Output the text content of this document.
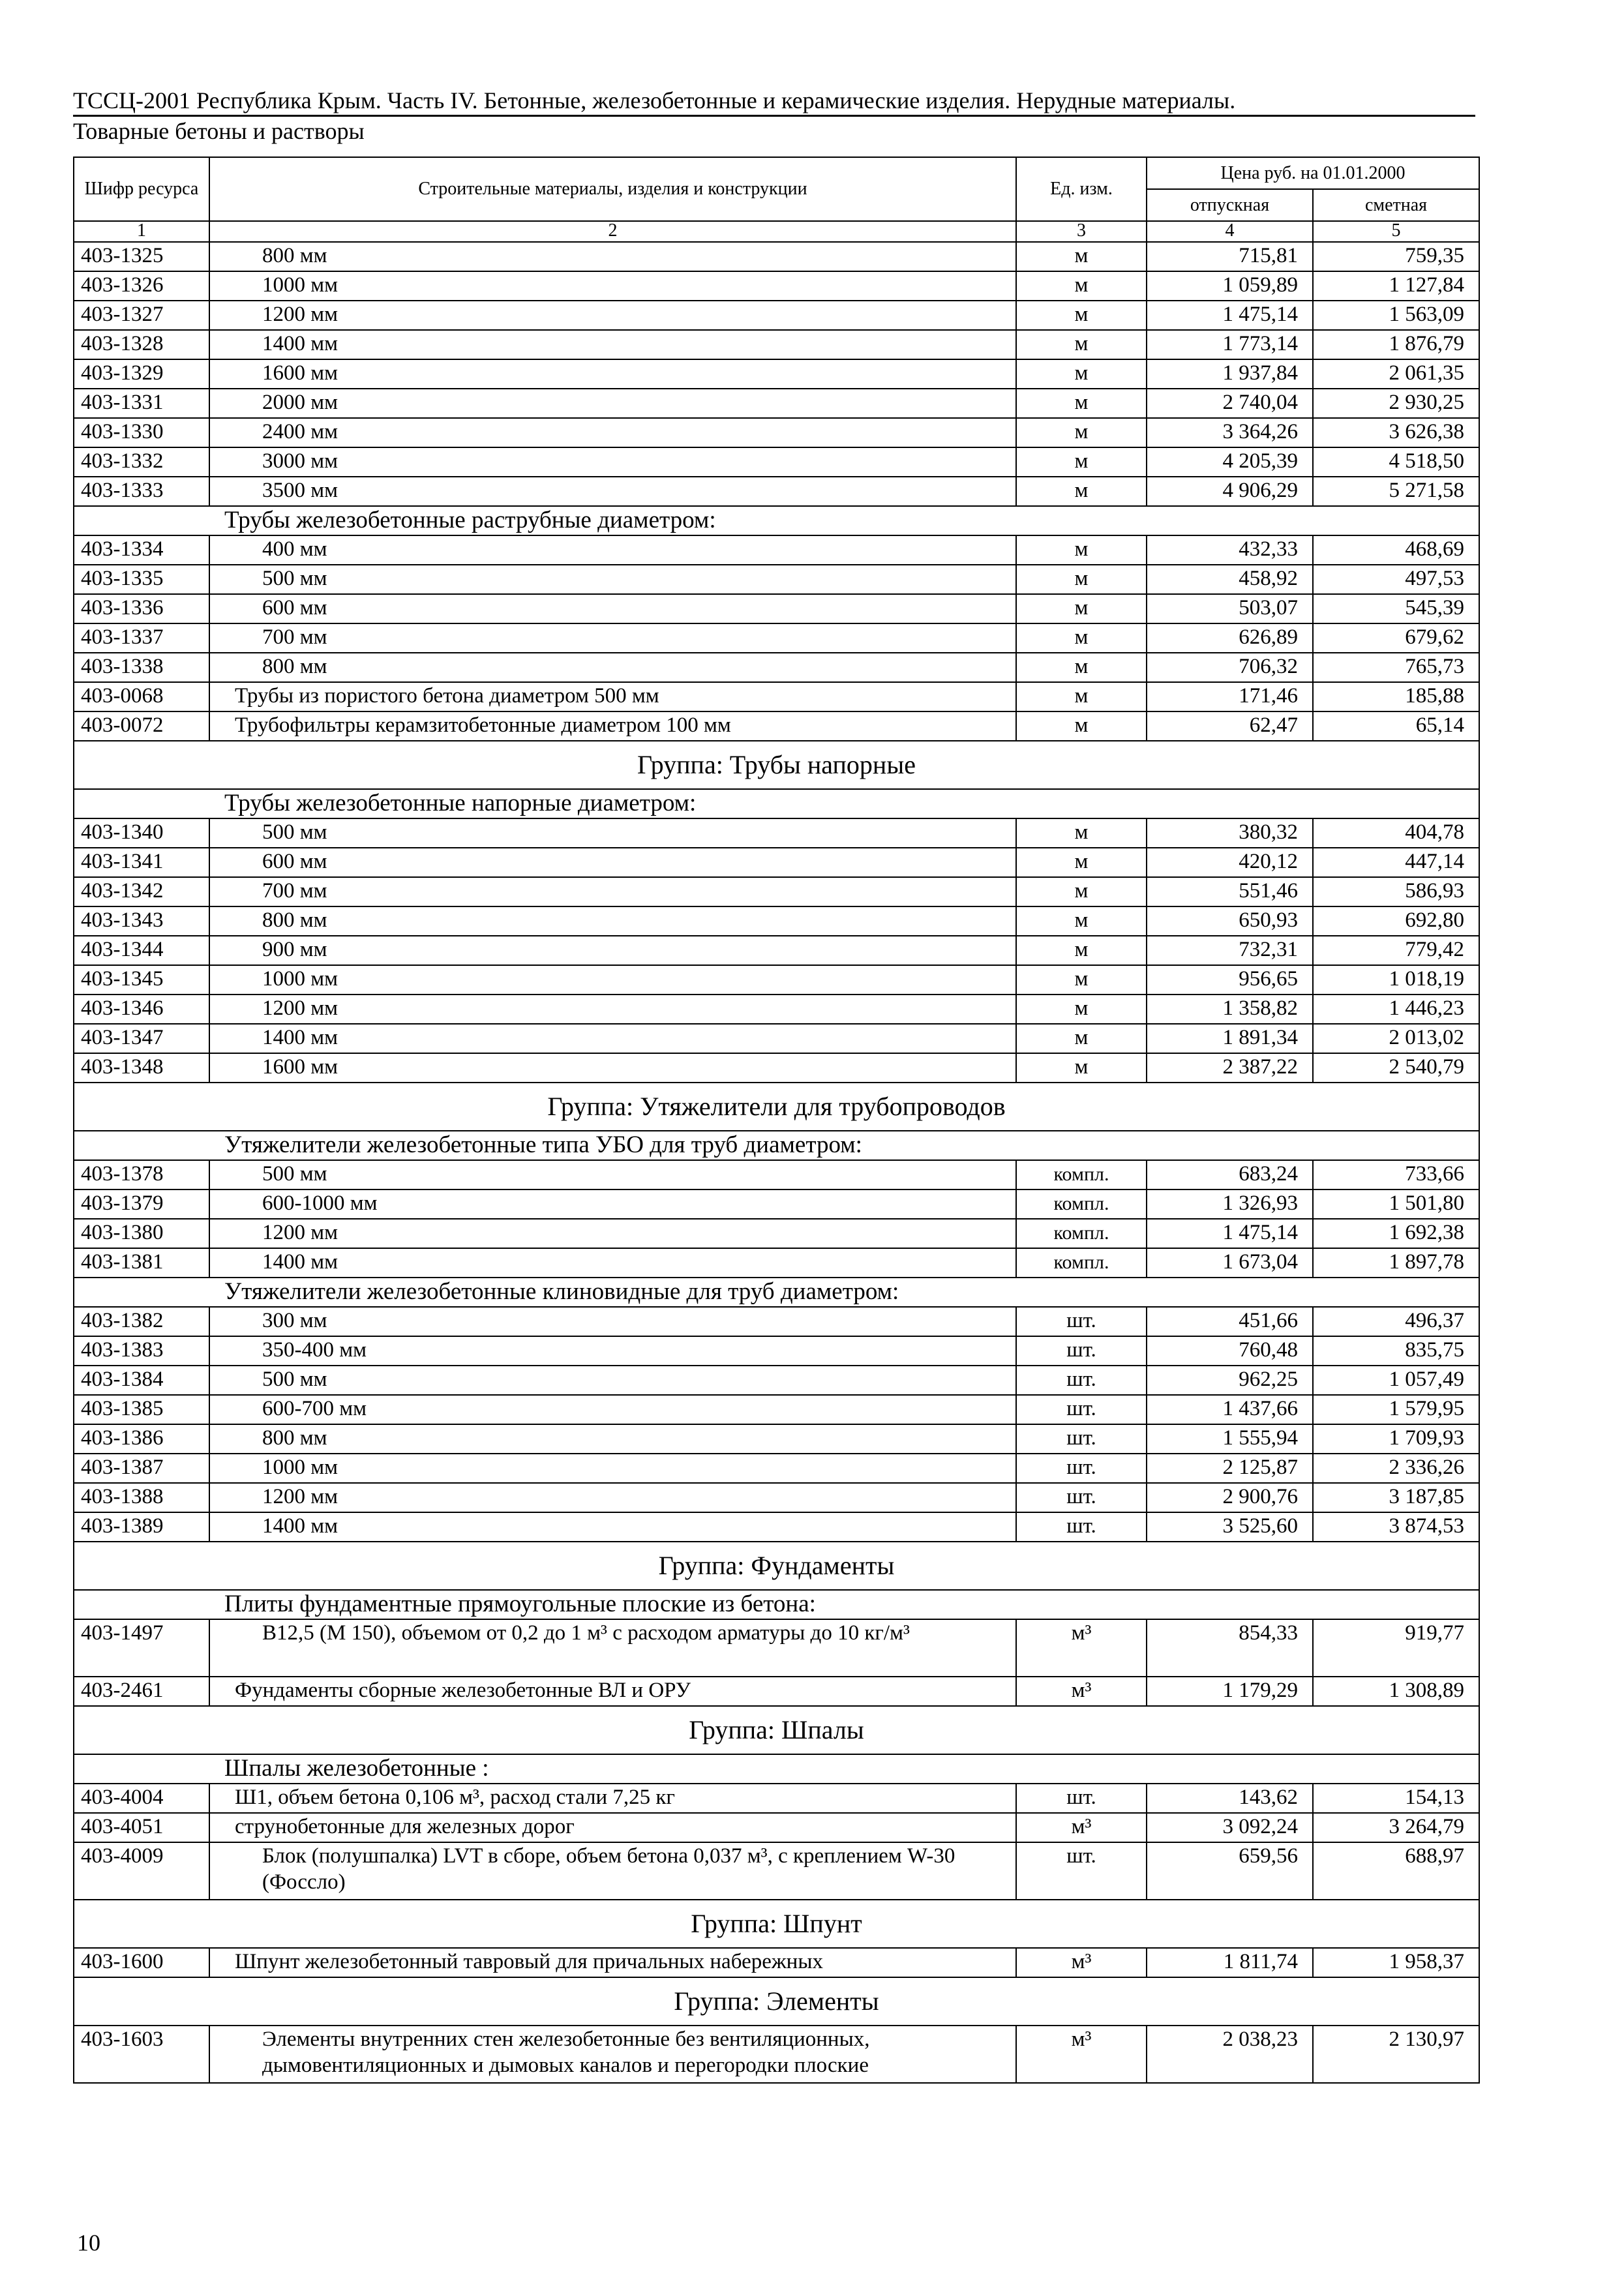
ТССЦ-2001 Республика Крым. Часть IV. Бетонные, железобетонные и керамические изделия. Нерудные материалы.
Товарные бетоны и растворы
Шифр ресурса	Строительные материалы, изделия и конструкции	Ед. изм.	Цена руб. на 01.01.2000	
			отпускная	сметная
1	2	3	4	5
403-1325	800 мм	м	715,81	759,35
403-1326	1000 мм	м	1 059,89	1 127,84
403-1327	1200 мм	м	1 475,14	1 563,09
403-1328	1400 мм	м	1 773,14	1 876,79
403-1329	1600 мм	м	1 937,84	2 061,35
403-1331	2000 мм	м	2 740,04	2 930,25
403-1330	2400 мм	м	3 364,26	3 626,38
403-1332	3000 мм	м	4 205,39	4 518,50
403-1333	3500 мм	м	4 906,29	5 271,58
Трубы железобетонные раструбные диаметром:				
403-1334	400 мм	м	432,33	468,69
403-1335	500 мм	м	458,92	497,53
403-1336	600 мм	м	503,07	545,39
403-1337	700 мм	м	626,89	679,62
403-1338	800 мм	м	706,32	765,73
403-0068	Трубы из пористого бетона диаметром 500 мм	м	171,46	185,88
403-0072	Трубофильтры керамзитобетонные диаметром 100 мм	м	62,47	65,14
Группа: Трубы напорные				
Трубы железобетонные напорные диаметром:				
403-1340	500 мм	м	380,32	404,78
403-1341	600 мм	м	420,12	447,14
403-1342	700 мм	м	551,46	586,93
403-1343	800 мм	м	650,93	692,80
403-1344	900 мм	м	732,31	779,42
403-1345	1000 мм	м	956,65	1 018,19
403-1346	1200 мм	м	1 358,82	1 446,23
403-1347	1400 мм	м	1 891,34	2 013,02
403-1348	1600 мм	м	2 387,22	2 540,79
Группа: Утяжелители для трубопроводов				
Утяжелители железобетонные типа УБО для труб диаметром:				
403-1378	500 мм	компл.	683,24	733,66
403-1379	600-1000 мм	компл.	1 326,93	1 501,80
403-1380	1200 мм	компл.	1 475,14	1 692,38
403-1381	1400 мм	компл.	1 673,04	1 897,78
Утяжелители железобетонные клиновидные для труб диаметром:				
403-1382	300 мм	шт.	451,66	496,37
403-1383	350-400 мм	шт.	760,48	835,75
403-1384	500 мм	шт.	962,25	1 057,49
403-1385	600-700 мм	шт.	1 437,66	1 579,95
403-1386	800 мм	шт.	1 555,94	1 709,93
403-1387	1000 мм	шт.	2 125,87	2 336,26
403-1388	1200 мм	шт.	2 900,76	3 187,85
403-1389	1400 мм	шт.	3 525,60	3 874,53
Группа: Фундаменты				
Плиты фундаментные прямоугольные плоские из бетона:				
403-1497	В12,5 (М 150), объемом от 0,2 до 1 м³ с расходом арматуры до 10 кг/м³	м³	854,33	919,77
403-2461	Фундаменты сборные железобетонные ВЛ и ОРУ	м³	1 179,29	1 308,89
Группа: Шпалы				
Шпалы железобетонные :				
403-4004	Ш1, объем бетона 0,106 м³, расход стали 7,25 кг	шт.	143,62	154,13
403-4051	струнобетонные для железных дорог	м³	3 092,24	3 264,79
403-4009	Блок (полушпалка) LVT в сборе, объем бетона 0,037 м³, с креплением W-30 (Фоссло)	шт.	659,56	688,97
Группа: Шпунт				
403-1600	Шпунт железобетонный тавровый для причальных набережных	м³	1 811,74	1 958,37
Группа: Элементы				
403-1603	Элементы внутренних стен железобетонные без вентиляционных, дымовентиляционных и дымовых каналов и перегородки плоские	м³	2 038,23	2 130,97
10
